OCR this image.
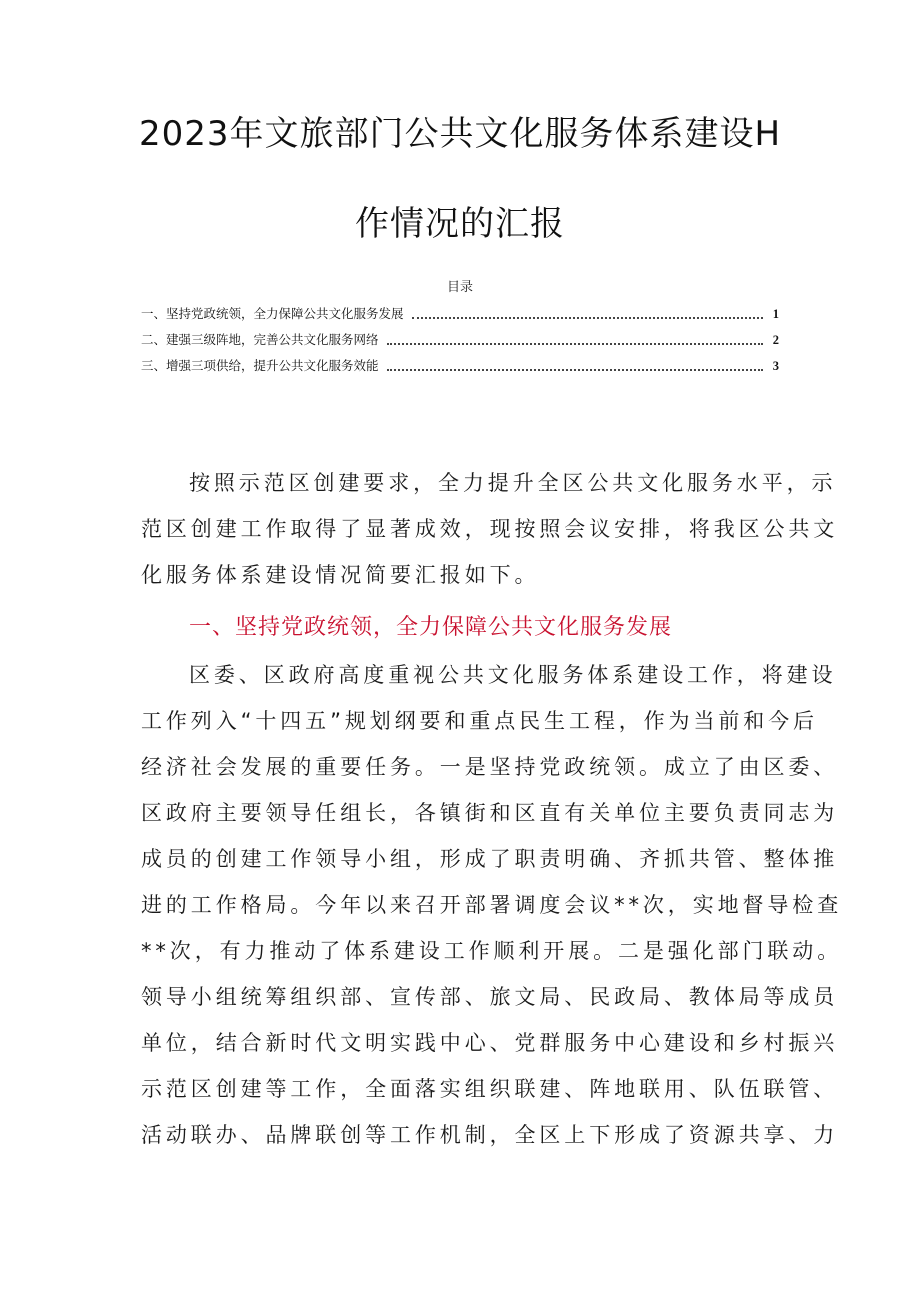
2023年文旅部门公共文化服务体系建设H
作情况的汇报
目录
一、坚持党政统领，全力保障公共文化服务发展	1
二、建强三级阵地，完善公共文化服务网络	2
三、增强三项供给，提升公共文化服务效能	3
按照示范区创建要求，全力提升全区公共文化服务水平，示
范区创建工作取得了显著成效，现按照会议安排，将我区公共文
化服务体系建设情况简要汇报如下。
一、坚持党政统领，全力保障公共文化服务发展
区委、区政府高度重视公共文化服务体系建设工作，将建设
工作列入“十四五”规划纲要和重点民生工程，作为当前和今后
经济社会发展的重要任务。一是坚持党政统领。成立了由区委、
区政府主要领导任组长，各镇街和区直有关单位主要负责同志为
成员的创建工作领导小组，形成了职责明确、齐抓共管、整体推
进的工作格局。今年以来召开部署调度会议**次，实地督导检查
**次，有力推动了体系建设工作顺利开展。二是强化部门联动。
领导小组统筹组织部、宣传部、旅文局、民政局、教体局等成员
单位，结合新时代文明实践中心、党群服务中心建设和乡村振兴
示范区创建等工作，全面落实组织联建、阵地联用、队伍联管、
活动联办、品牌联创等工作机制，全区上下形成了资源共享、力
